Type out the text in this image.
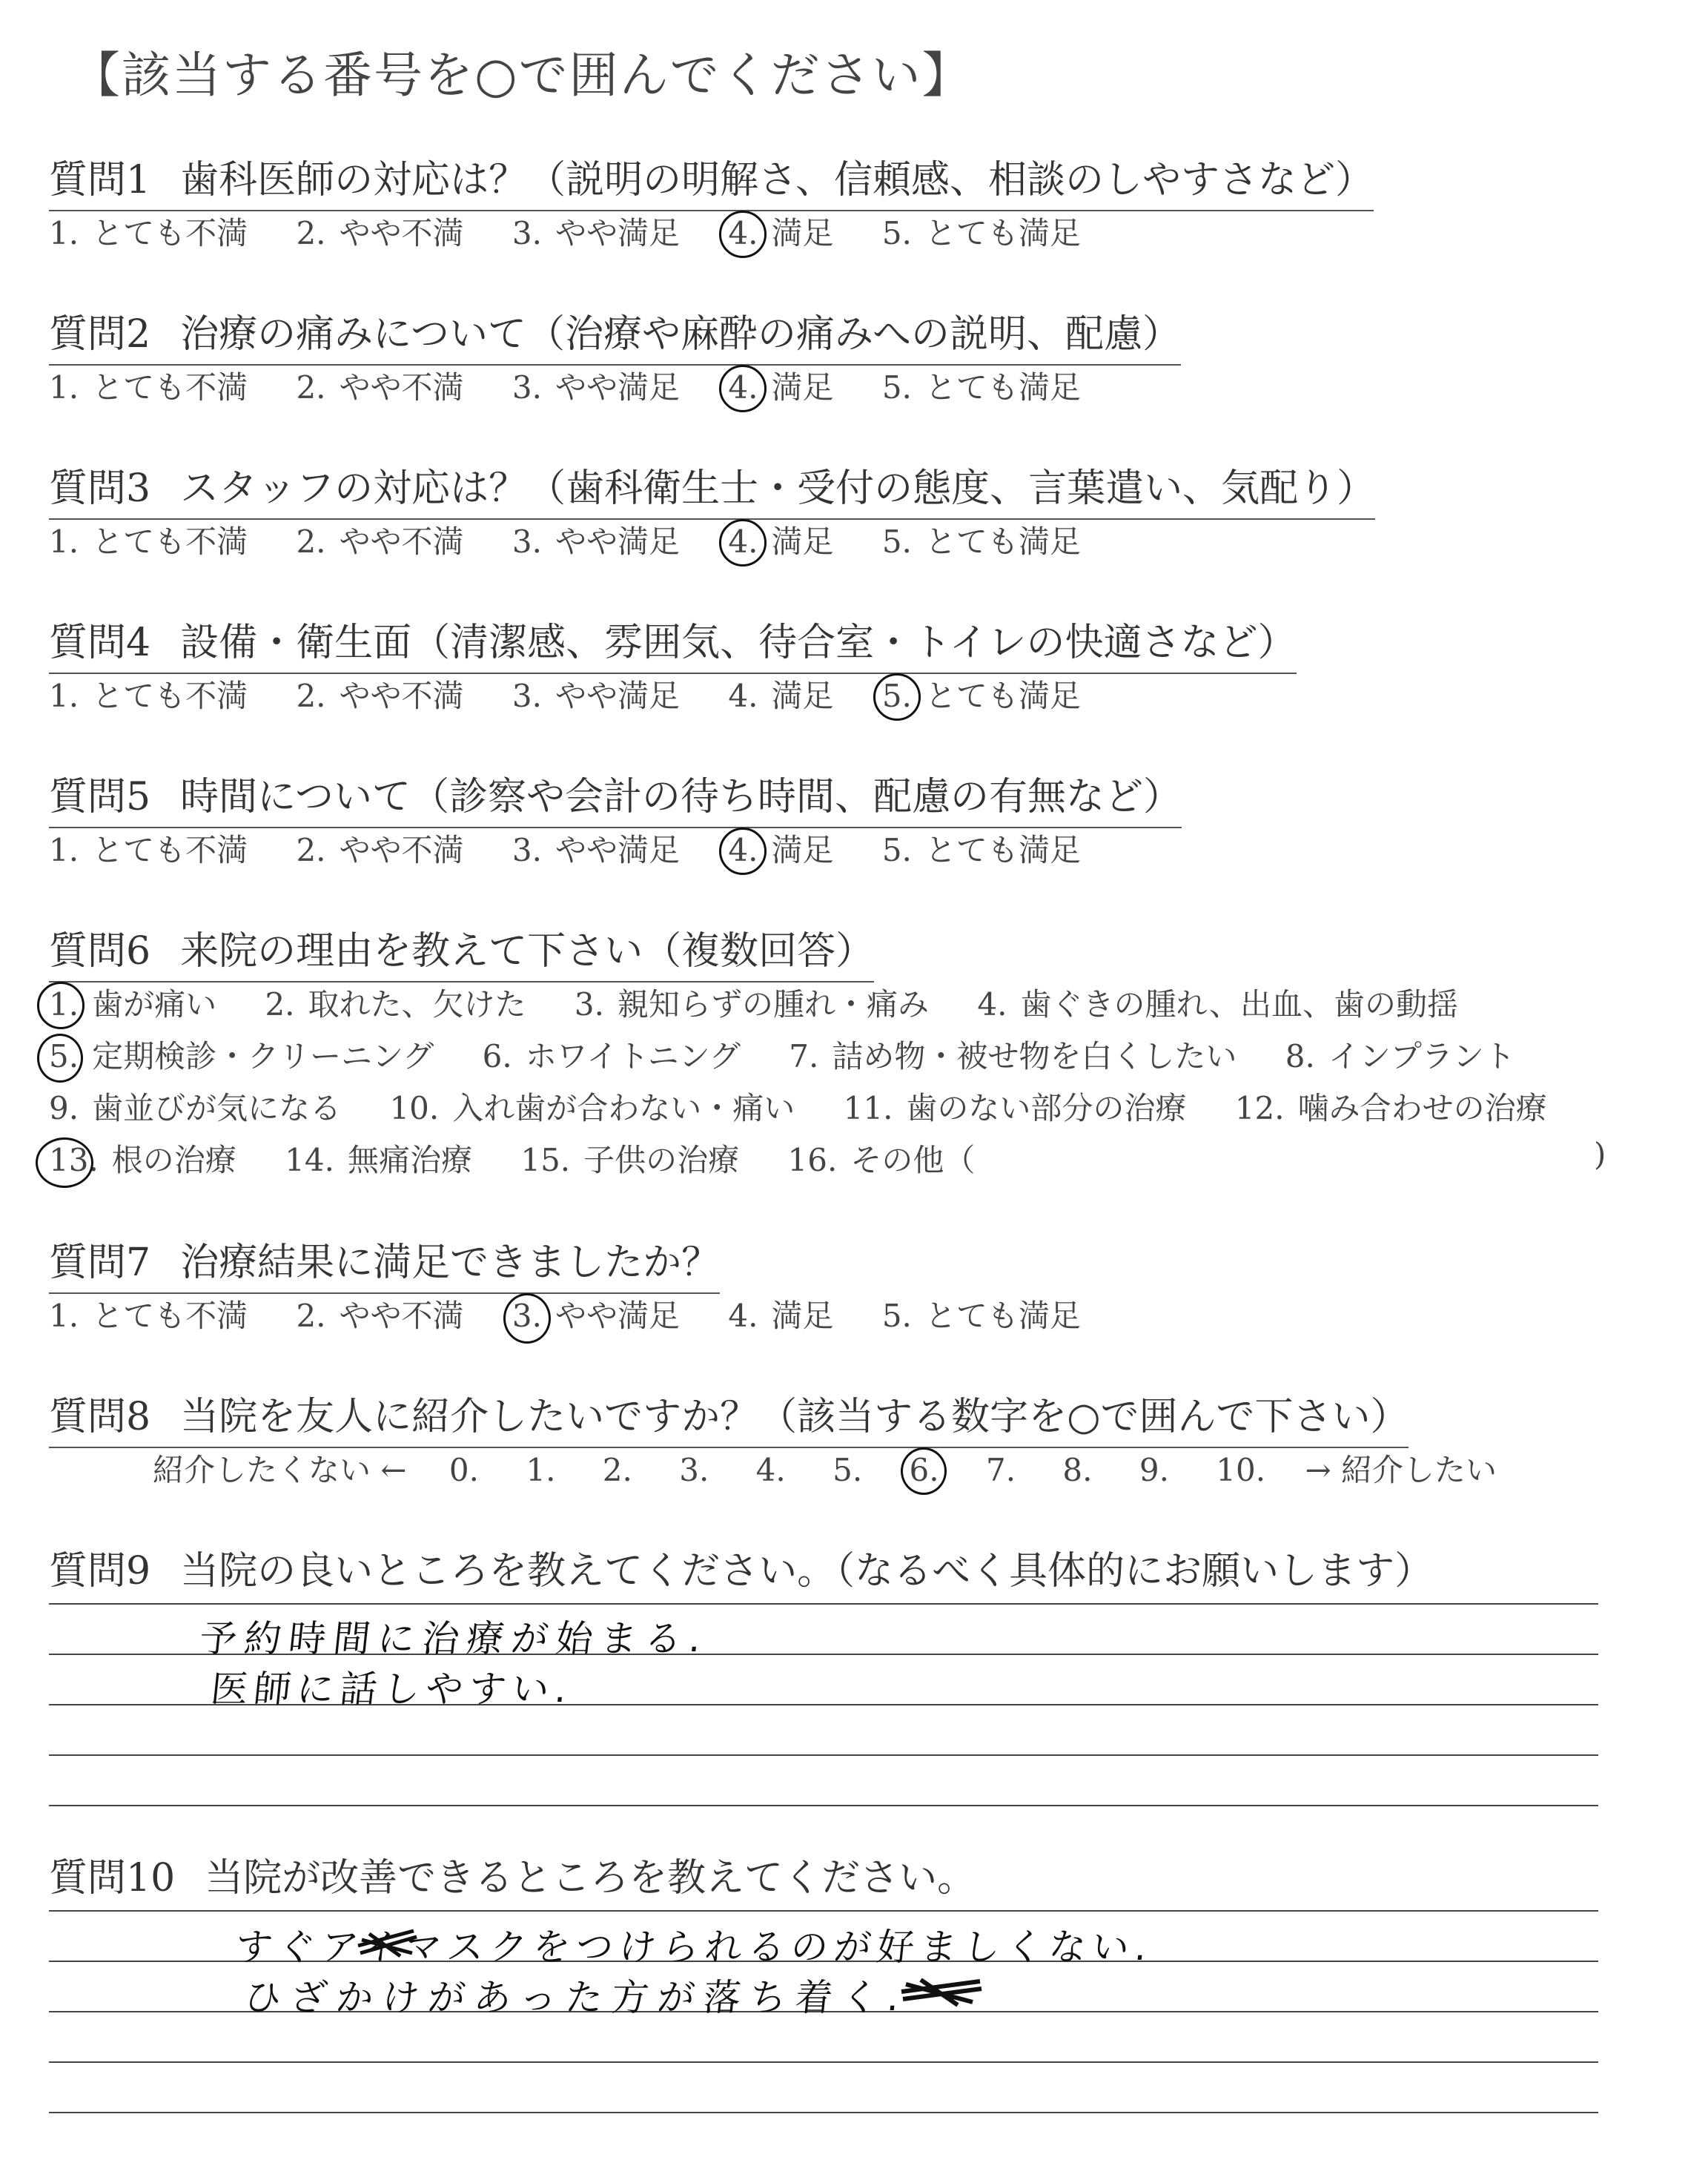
【該当する番号を○で囲んでください】
質問1 歯科医師の対応は？（説明の明解さ、信頼感、相談のしやすさなど）
1. とても不満 2. やや不満 3. やや満足 4. 満足 5. とても満足
質問2 治療の痛みについて（治療や麻酔の痛みへの説明、配慮）
1. とても不満 2. やや不満 3. やや満足 4. 満足 5. とても満足
質問3 スタッフの対応は？（歯科衛生士・受付の態度、言葉遣い、気配り）
1. とても不満 2. やや不満 3. やや満足 4. 満足 5. とても満足
質問4 設備・衛生面（清潔感、雰囲気、待合室・トイレの快適さなど）
1. とても不満 2. やや不満 3. やや満足 4. 満足 5. とても満足
質問5 時間について（診察や会計の待ち時間、配慮の有無など）
1. とても不満 2. やや不満 3. やや満足 4. 満足 5. とても満足
質問6 来院の理由を教えて下さい（複数回答）
1. 歯が痛い 2. 取れた、欠けた 3. 親知らずの腫れ・痛み 4. 歯ぐきの腫れ、出血、歯の動揺
5. 定期検診・クリーニング 6. ホワイトニング 7. 詰め物・被せ物を白くしたい 8. インプラント
9. 歯並びが気になる 10. 入れ歯が合わない・痛い 11. 歯のない部分の治療 12. 噛み合わせの治療
13. 根の治療 14. 無痛治療 15. 子供の治療 16. その他（	)
質問7 治療結果に満足できましたか？
1. とても不満 2. やや不満 3. やや満足 4. 満足 5. とても満足
質問8 当院を友人に紹介したいですか？（該当する数字を○で囲んで下さい）
紹介したくない ← 0. 1. 2. 3. 4. 5. 6. 7. 8. 9. 10. → 紹介したい
質問9 当院の良いところを教えてください。（なるべく具体的にお願いします）
予約時間に治療が始まる.
医師に話しやすい.
質問10 当院が改善できるところを教えてください。
すぐアイマスクをつけられるのが好ましくない.
ひざかけがあった方が落ち着く.
